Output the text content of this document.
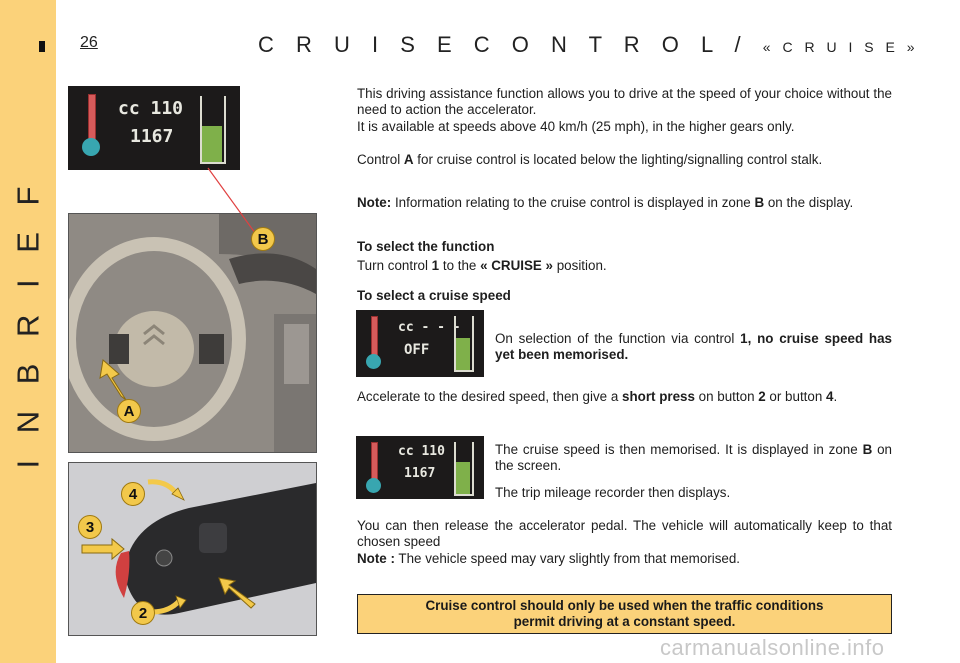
I N B R I E F
26	C R U I S E C O N T R O L / « C R U I S E »
cc 110
1167
cc - - -
OFF
cc 110
1167
B
A
4
3
2

This driving assistance function allows you to drive at the speed of your choice without the need to action the accelerator.

It is available at speeds above 40 km/h (25 mph), in the higher gears only.

Control A for cruise control is located below the lighting/signalling control stalk.

Note: Information relating to the cruise control is displayed in zone B on the display.

To select the function

Turn control 1 to the « CRUISE » position.

To select a cruise speed

On selection of the function via control 1, no cruise speed has yet been memorised.

Accelerate to the desired speed, then give a short press on button 2 or button 4.

The cruise speed is then memorised. It is displayed in zone B on the screen.

The trip mileage recorder then displays.

You can then release the accelerator pedal. The vehicle will automatically keep to that chosen speed

Note : The vehicle speed may vary slightly from that memorised.

Cruise control should only be used when the traffic conditions permit driving at a constant speed.
carmanualsonline.info
